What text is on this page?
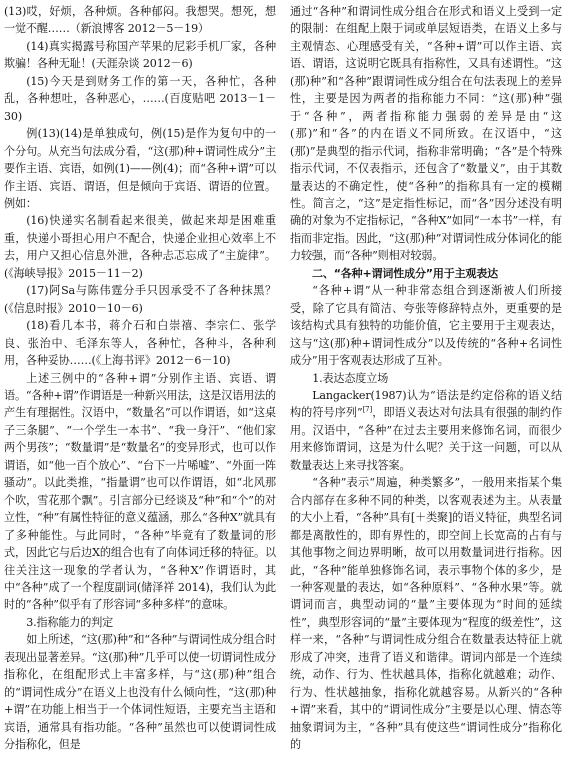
(13)哎，好烦，各种烦。各种郁闷。我想哭。想死，想一觉不醒……（新浪博客 2012－5－19）

(14)真实揭露号称国产苹果的尼彩手机厂家，各种欺骗！各种无耻！(天涯杂谈 2012－6)

(15)今天是到财务工作的第一天，各种忙，各种乱，各种想吐，各种恶心，……(百度贴吧 2013－1－30)

例(13)(14)是单独成句，例(15)是作为复句中的一个分句。从充当句法成分看，“这(那)种+谓词性成分”主要作主语、宾语，如例(1)——例(4)；而“各种+谓”可以作主语、宾语、谓语，但是倾向于宾语、谓语的位置。例如：

(16)快递实名制看起来很美，做起来却是困难重重，快递小哥担心用户不配合，快递企业担心效率上不去，用户又担心信息外泄，各种忐忑忘成了“主旋律”。(《海峡导报》2015－11－2)

(17)阿Sa与陈伟霆分手只因承受不了各种抹黑？(《信息时报》2010－10－6)

(18)看几本书，蒋介石和白崇禧、李宗仁、张学良、张治中、毛泽东等人，各种忙，各种斗，各种利用，各种妥协……(《上海书评》2012－6－10)

上述三例中的“各种+谓”分别作主语、宾语、谓语。“各种+谓”作谓语是一种新兴用法，这是汉语用法的产生有理据性。汉语中，“数量名”可以作谓语，如“这桌子三条腿”、“一个学生一本书”、“我一身汗”、“他们家两个男孩”；“数量谓”是“数量名”的变异形式，也可以作谓语，如“他一百个放心”、“台下一片唏嘘”、“外面一阵骚动”。以此类推，“指量谓”也可以作谓语，如“北风那个吹，雪花那个飘”。引言部分已经谈及“种”和“个”的对立性，“种”有属性特征的意义蕴涵，那么“各种X”就具有了多种能性。与此同时，“各种”毕竟有了数量词的形式，因此它与后边X的组合也有了向体词迁移的特征。以往关注这一现象的学者认为，“各种X”作谓语时，其中“各种”成了一个程度副词(储泽祥 2014)，我们认为此时的“各种”似乎有了形容词“多种多样”的意味。

3.指称能力的判定

如上所述，“这(那)种”和“各种”与谓词性成分组合时表现出显著差异。“这(那)种”几乎可以使一切谓词性成分指称化，在组配形式上丰富多样，与“这(那)种”组合的“谓词性成分”在语义上也没有什么倾向性，“这(那)种+谓”在功能上相当于一个体词性短语，主要充当主语和宾语，通常具有指功能。“各种”虽然也可以使谓词性成分指称化，但是

通过“各种”和谓词性成分组合在形式和语义上受到一定的限制：在组配上限于词或单层短语类，在语义上多与主观情态、心理感受有关，“各种+谓”可以作主语、宾语、谓语，这说明它既具有指称性，又具有述谓性。“这(那)种”和“各种”跟谓词性成分组合在句法表现上的差异性，主要是因为两者的指称能力不同：“这(那)种”强于“各种”，两者指称能力强弱的差异是由“这(那)”和“各”的内在语义不同所致。在汉语中，“这(那)”是典型的指示代词，指称非常明确；“各”是个特殊指示代词，不仅表指示，还包含了“数量义”，由于其数量表达的不确定性，使“各种”的指称具有一定的模糊性。简言之，“这”是定指性标记，而“各”因分述没有明确的对象为不定指标记，“各种X”如同“一本书”一样，有指而非定指。因此，“这(那)种”对谓词性成分体词化的能力较强，而“各种”则相对较弱。

二、“各种+谓词性成分”用于主观表达

“各种+谓”从一种非常态组合到逐渐被人们所接受，除了它具有简洁、夸张等修辞特点外，更重要的是该结构式具有独特的功能价值，它主要用于主观表达，这与“这(那)种+谓词性成分”以及传统的“各种+名词性成分”用于客观表达形成了互补。

1.表达态度立场

Langacker(1987)认为“语法是约定俗称的语义结构的符号序列”[7]，即语义表达对句法具有很强的制约作用。汉语中，“各种”在过去主要用来修饰名词，而很少用来修饰谓词，这是为什么呢？关于这一问题，可以从数量表达上来寻找答案。

“各种”表示“周遍，种类繁多”，一般用来指某个集合内部存在多种不同的种类，以客观表述为主。从表量的大小上看，“各种”具有[＋类聚]的语义特征，典型名词都是离散性的，即有界性的，即空间上长宽高的占有与其他事物之间边界明晰，故可以用数量词进行指称。因此，“各种”能单独修饰名词，表示事物个体的多少，是一种客观量的表达，如“各种原料”、“各种水果”等。就谓词而言，典型动词的“量”主要体现为“时间的延续性”，典型形容词的“量”主要体现为“程度的级差性”，这样一来，“各种”与谓词性成分组合在数量表达特征上就形成了冲突，违背了语义和谐律。谓词内部是一个连续统，动作、行为、性状越具体，指称化就越难；动作、行为、性状越抽象，指称化就越容易。从新兴的“各种+谓”来看，其中的“谓词性成分”主要是以心理、情态等抽象谓词为主，“各种”具有使这些“谓词性成分”指称化的
